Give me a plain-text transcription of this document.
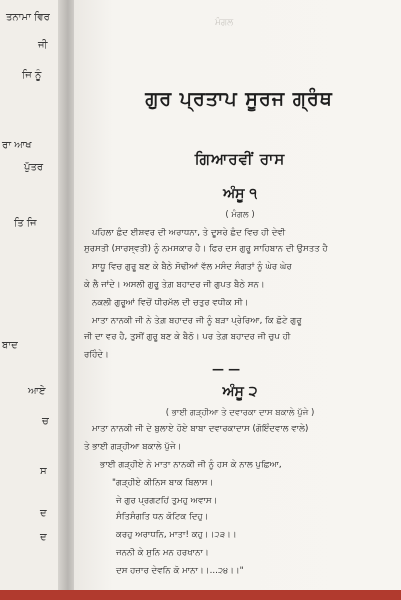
ਤਨਾਮਾ ਵਿਰ
ਜੀ
ਜਿ ਨੂੰ
ਰਾ ਆਖ
ਪੁੱਤਰ
ਤਿ ਜਿ
ਬਾਦ
ਆਏ
ਚ
ਸ
ਦ
ਦ
ਮੰਗਲ
ਗੁਰ ਪ੍ਰਤਾਪ ਸੂਰਜ ਗ੍ਰੰਥ
ਗਿਆਰਵੀਂ ਰਾਸ
ਅੰਸੂ ੧
( ਮੰਗਲ )
ਪਹਿਲਾ ਛੰਦ ਈਸ਼ਵਰ ਦੀ ਅਰਾਧਨਾ, ਤੇ ਦੂਸਰੇ ਛੰਦ ਵਿਚ ਹੀ ਦੇਵੀ
ਸੁਰਸਤੀ (ਸਾਰਸ੍ਵਤੀ) ਨੂੰ ਨਮਸਕਾਰ ਹੈ। ਫਿਰ ਦਸ ਗੁਰੂ ਸਾਹਿਬਾਨ ਦੀ ਉਸਤਤ ਹੈ
ਸਾਧੂ ਵਿਚ ਗੁਰੂ ਬਣ ਕੇ ਬੈਠੇ ਸੋਢੀਆਂ ਵੱਲ ਮਸੰਦ ਸੰਗਤਾਂ ਨੂੰ ਘੇਰ ਘੇਰ
ਕੇ ਲੈ ਜਾਂਦੇ। ਅਸਲੀ ਗੁਰੂ ਤੇਗ਼ ਬਹਾਦਰ ਜੀ ਗੁਪਤ ਬੈਠੇ ਸਨ।
ਨਕਲੀ ਗੁਰੂਆਂ ਵਿਚੋਂ ਧੀਰਮੱਲ ਦੀ ਚਤੁਰ ਵਧੀਕ ਸੀ।
ਮਾਤਾ ਨਾਨਕੀ ਜੀ ਨੇ ਤੇਗ਼ ਬਹਾਦਰ ਜੀ ਨੂੰ ਬੜਾ ਪ੍ਰੇਰਿਆ, ਕਿ ਛੋਟੇ ਗੁਰੂ
ਜੀ ਦਾ ਵਰ ਹੈ, ਤੁਸੀਂ ਗੁਰੂ ਬਣ ਕੇ ਬੈਠੋ। ਪਰ ਤੇਗ਼ ਬਹਾਦਰ ਜੀ ਚੁਪ ਹੀ
ਰਹਿੰਦੇ।
— —
ਅੰਸੂ ੨
( ਭਾਈ ਗੜ੍ਹੀਆ ਤੇ ਦਵਾਰਕਾ ਦਾਸ ਬਕਾਲੇ ਪੁੱਜੇ )
ਮਾਤਾ ਨਾਨਕੀ ਜੀ ਦੇ ਬੁਲਾਏ ਹੋਏ ਬਾਬਾ ਦਵਾਰਕਾਦਾਸ (ਗੋਇੰਦਵਾਲ ਵਾਲੇ)
ਤੇ ਭਾਈ ਗੜ੍ਹੀਆ ਬਕਾਲੇ ਪੁੱਜੇ।
ਭਾਈ ਗੜ੍ਹੀਏ ਨੇ ਮਾਤਾ ਨਾਨਕੀ ਜੀ ਨੂੰ ਹਸ ਕੇ ਨਾਲ ਪੁਛਿਆ,
"ਗੜ੍ਹੀਏ ਕੀਨਿਸ ਬਾਕ ਬਿਲਾਸ।
ਜੇ ਗੁਰ ਪ੍ਰਗਟਹਿਂ ਤੁਮਹੁ ਅਵਾਸ।
ਸੰਤਿਸੰਗਤਿ ਧਨ ਕੋਟਿਕ ਦਿਹੁ।
ਕਰਹੁ ਅਰਾਧਨਿ, ਮਾਤਾ! ਕਹੁ।।੨੩।।
ਜਨਨੀ ਕੇ ਸੁਨਿ ਮਨ ਹਰਖਾਨਾ।
ਦਸ ਹਜ਼ਾਰ ਦੇਵਨਿ ਕੋ ਮਾਨਾ।।...੨੪।।"
